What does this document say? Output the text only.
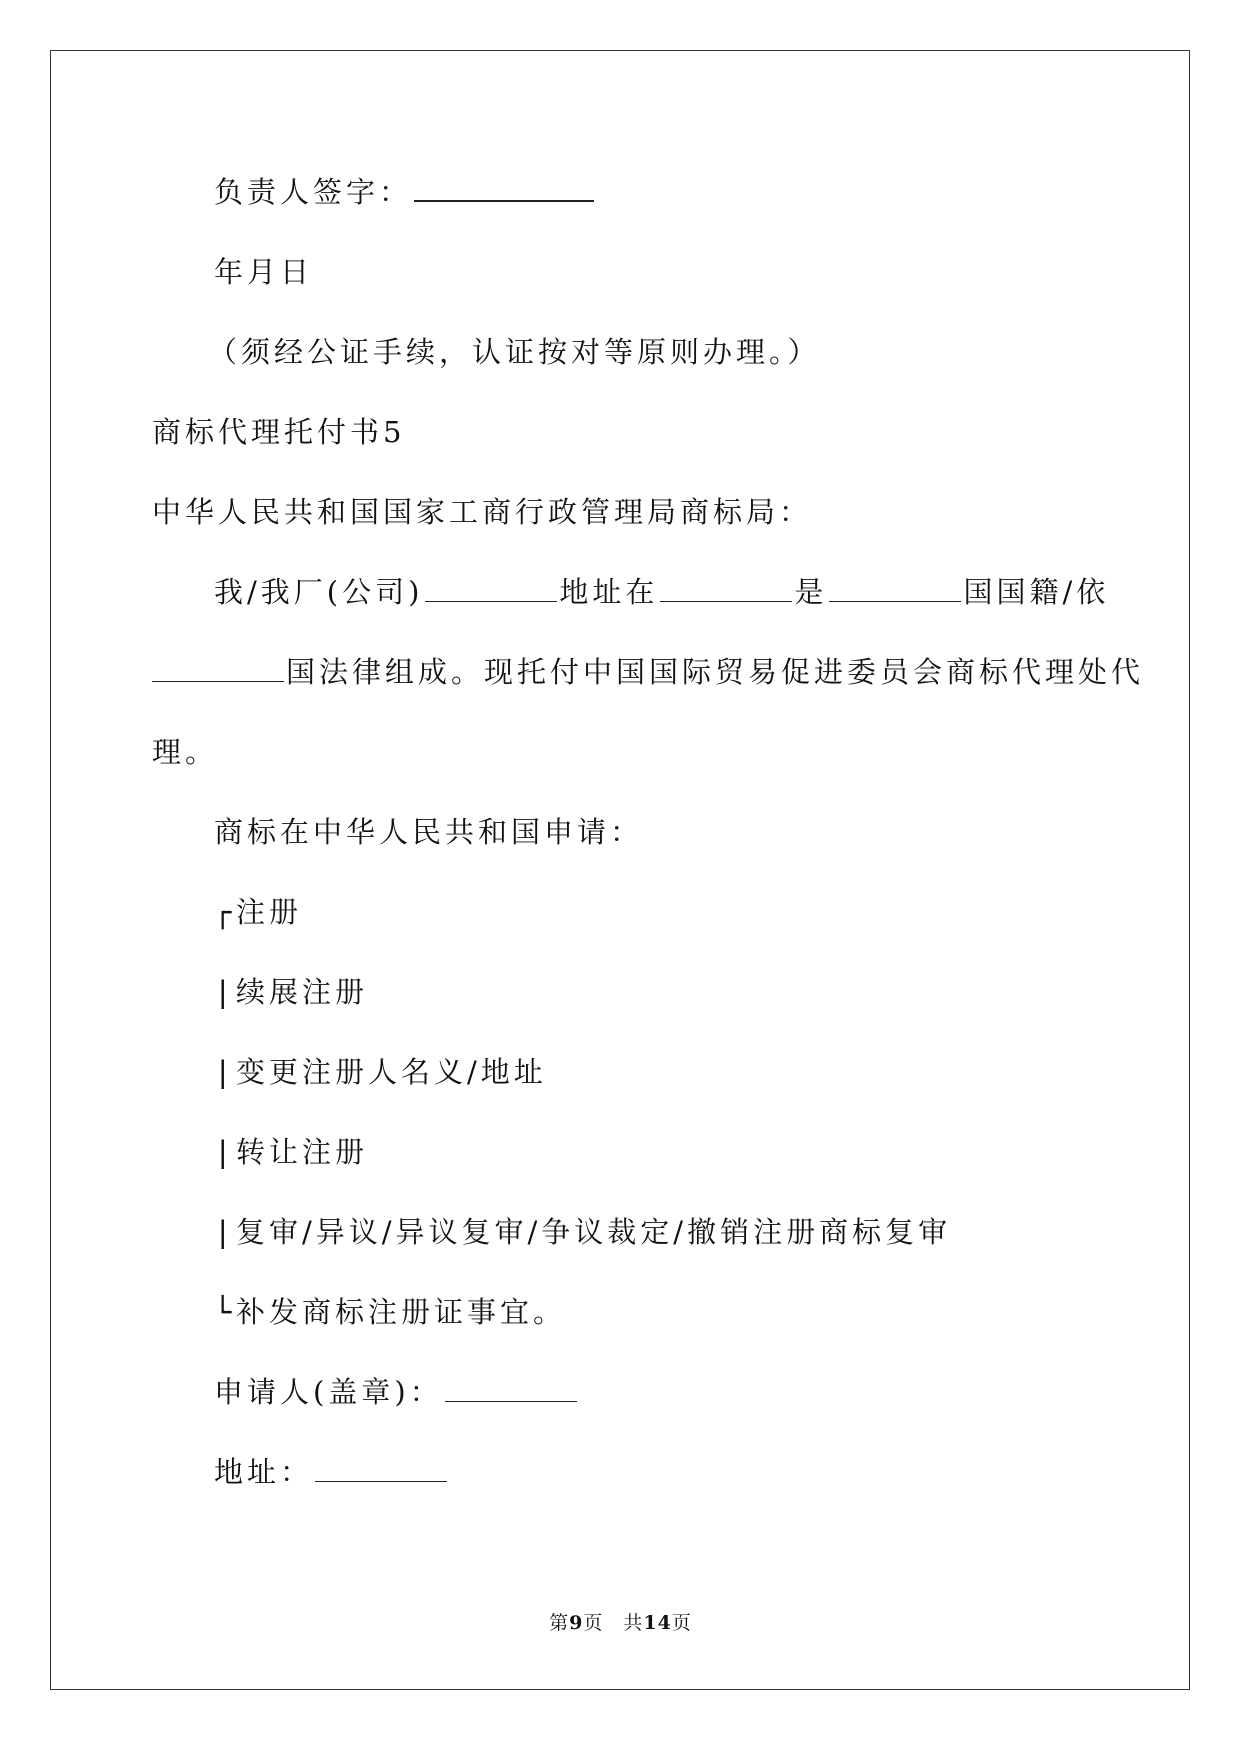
负责人签字：
年月日
（须经公证手续，认证按对等原则办理。）
商标代理托付书5
中华人民共和国国家工商行政管理局商标局：
我/我厂(公司)	地址在	是	国国籍/依
国法律组成。现托付中国国际贸易促进委员会商标代理处代
理。
商标在中华人民共和国申请：
┌ 注册
| 续展注册
| 变更注册人名义/地址
| 转让注册
| 复审/异议/异议复审/争议裁定/撤销注册商标复审
└ 补发商标注册证事宜。
申请人(盖章)：
地址：
第9页　共14页
